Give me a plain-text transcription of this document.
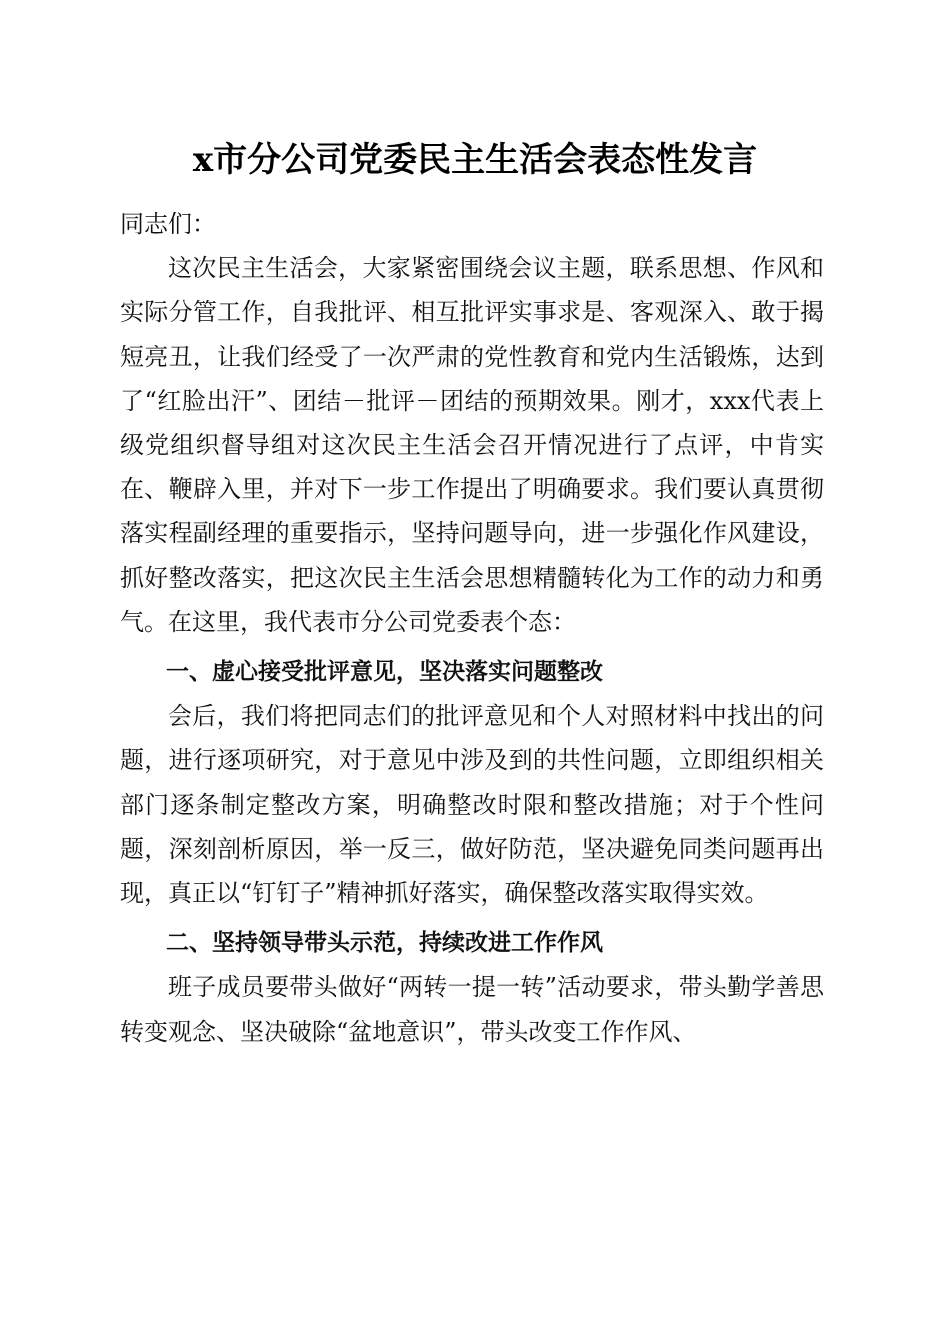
x市分公司党委民主生活会表态性发言

同志们：

这次民主生活会，大家紧密围绕会议主题，联系思想、作风和实际分管工作，自我批评、相互批评实事求是、客观深入、敢于揭短亮丑，让我们经受了一次严肃的党性教育和党内生活锻炼，达到了“红脸出汗”、团结－批评－团结的预期效果。刚才，xxx代表上级党组织督导组对这次民主生活会召开情况进行了点评，中肯实在、鞭辟入里，并对下一步工作提出了明确要求。我们要认真贯彻落实程副经理的重要指示，坚持问题导向，进一步强化作风建设，抓好整改落实，把这次民主生活会思想精髓转化为工作的动力和勇气。在这里，我代表市分公司党委表个态：

一、虚心接受批评意见，坚决落实问题整改

会后，我们将把同志们的批评意见和个人对照材料中找出的问题，进行逐项研究，对于意见中涉及到的共性问题，立即组织相关部门逐条制定整改方案，明确整改时限和整改措施；对于个性问题，深刻剖析原因，举一反三，做好防范，坚决避免同类问题再出现，真正以“钉钉子”精神抓好落实，确保整改落实取得实效。

二、坚持领导带头示范，持续改进工作作风

班子成员要带头做好“两转一提一转”活动要求，带头勤学善思转变观念、坚决破除“盆地意识”，带头改变工作作风、
